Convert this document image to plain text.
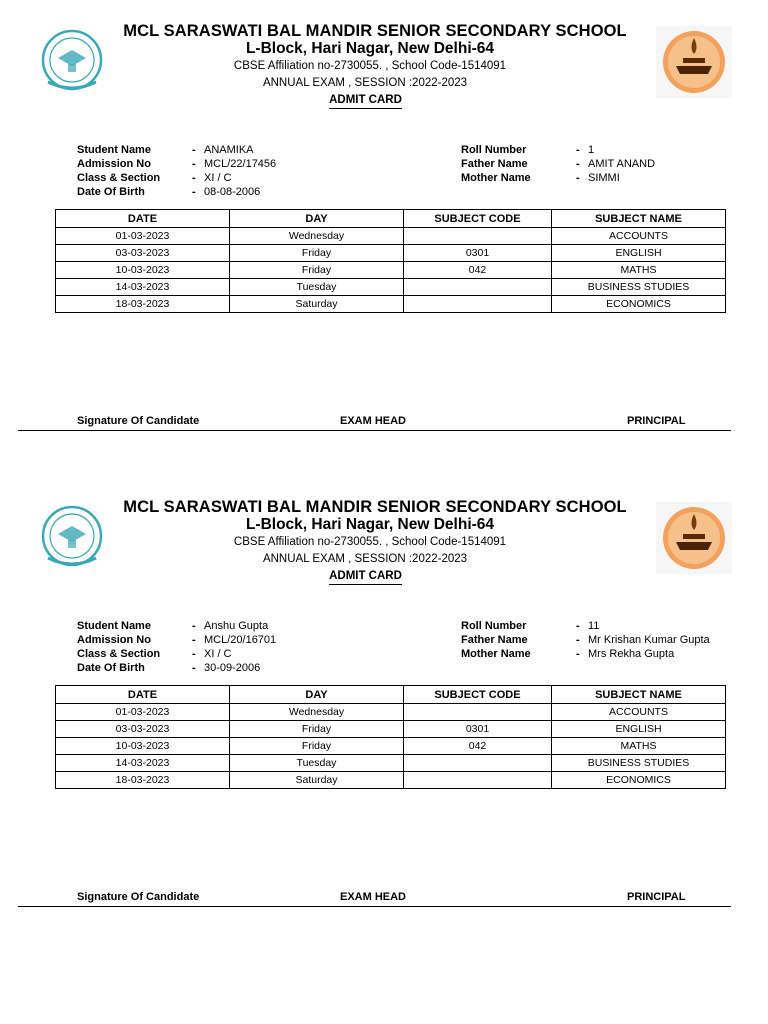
MCL SARASWATI BAL MANDIR SENIOR SECONDARY SCHOOL
L-Block, Hari Nagar, New Delhi-64
CBSE Affiliation no-2730055. , School Code-1514091
ANNUAL EXAM , SESSION :2022-2023
ADMIT CARD
Student Name	- ANAMIKA
Admission No	- MCL/22/17456
Class & Section	- XI / C
Date Of Birth	- 08-08-2006
Roll Number	- 1
Father Name	- AMIT ANAND
Mother Name	- SIMMI
DATE	DAY	SUBJECT CODE	SUBJECT NAME
01-03-2023	Wednesday		ACCOUNTS
03-03-2023	Friday	0301	ENGLISH
10-03-2023	Friday	042	MATHS
14-03-2023	Tuesday		BUSINESS STUDIES
18-03-2023	Saturday		ECONOMICS
Signature Of Candidate	EXAM HEAD	PRINCIPAL
MCL SARASWATI BAL MANDIR SENIOR SECONDARY SCHOOL
L-Block, Hari Nagar, New Delhi-64
CBSE Affiliation no-2730055. , School Code-1514091
ANNUAL EXAM , SESSION :2022-2023
ADMIT CARD
Student Name	- Anshu Gupta
Admission No	- MCL/20/16701
Class & Section	- XI / C
Date Of Birth	- 30-09-2006
Roll Number	- 11
Father Name	- Mr Krishan Kumar Gupta
Mother Name	- Mrs Rekha Gupta
DATE	DAY	SUBJECT CODE	SUBJECT NAME
01-03-2023	Wednesday		ACCOUNTS
03-03-2023	Friday	0301	ENGLISH
10-03-2023	Friday	042	MATHS
14-03-2023	Tuesday		BUSINESS STUDIES
18-03-2023	Saturday		ECONOMICS
Signature Of Candidate	EXAM HEAD	PRINCIPAL
